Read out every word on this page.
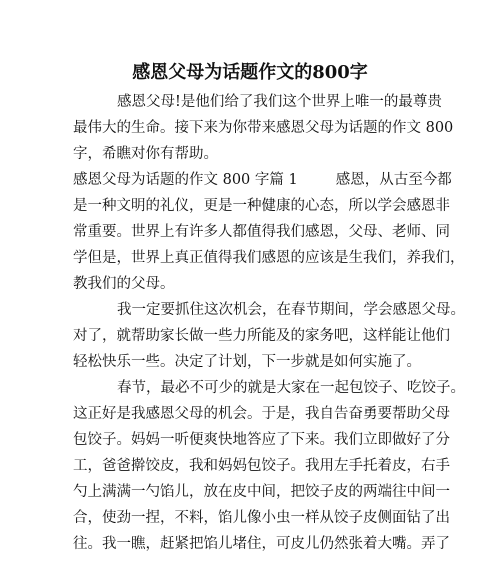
感恩父母为话题作文的800字
感恩父母!是他们给了我们这个世界上唯一的最尊贵
最伟大的生命。接下来为你带来感恩父母为话题的作文 800
字，希瞧对你有帮助。
感恩父母为话题的作文 800 字篇 1	感恩，从古至今都
是一种文明的礼仪，更是一种健康的心态，所以学会感恩非
常重要。世界上有许多人都值得我们感恩，父母、老师、同
学但是，世界上真正值得我们感恩的应该是生我们，养我们，
教我们的父母。
我一定要抓住这次机会，在春节期间，学会感恩父母。
对了，就帮助家长做一些力所能及的家务吧，这样能让他们
轻松快乐一些。决定了计划，下一步就是如何实施了。
春节，最必不可少的就是大家在一起包饺子、吃饺子。
这正好是我感恩父母的机会。于是，我自告奋勇要帮助父母
包饺子。妈妈一听便爽快地答应了下来。我们立即做好了分
工，爸爸擀饺皮，我和妈妈包饺子。我用左手托着皮，右手
勺上满满一勺馅儿，放在皮中间，把饺子皮的两端往中间一
合，使劲一捏，不料，馅儿像小虫一样从饺子皮侧面钻了出
往。我一瞧，赶紧把馅儿堵住，可皮儿仍然张着大嘴。弄了
